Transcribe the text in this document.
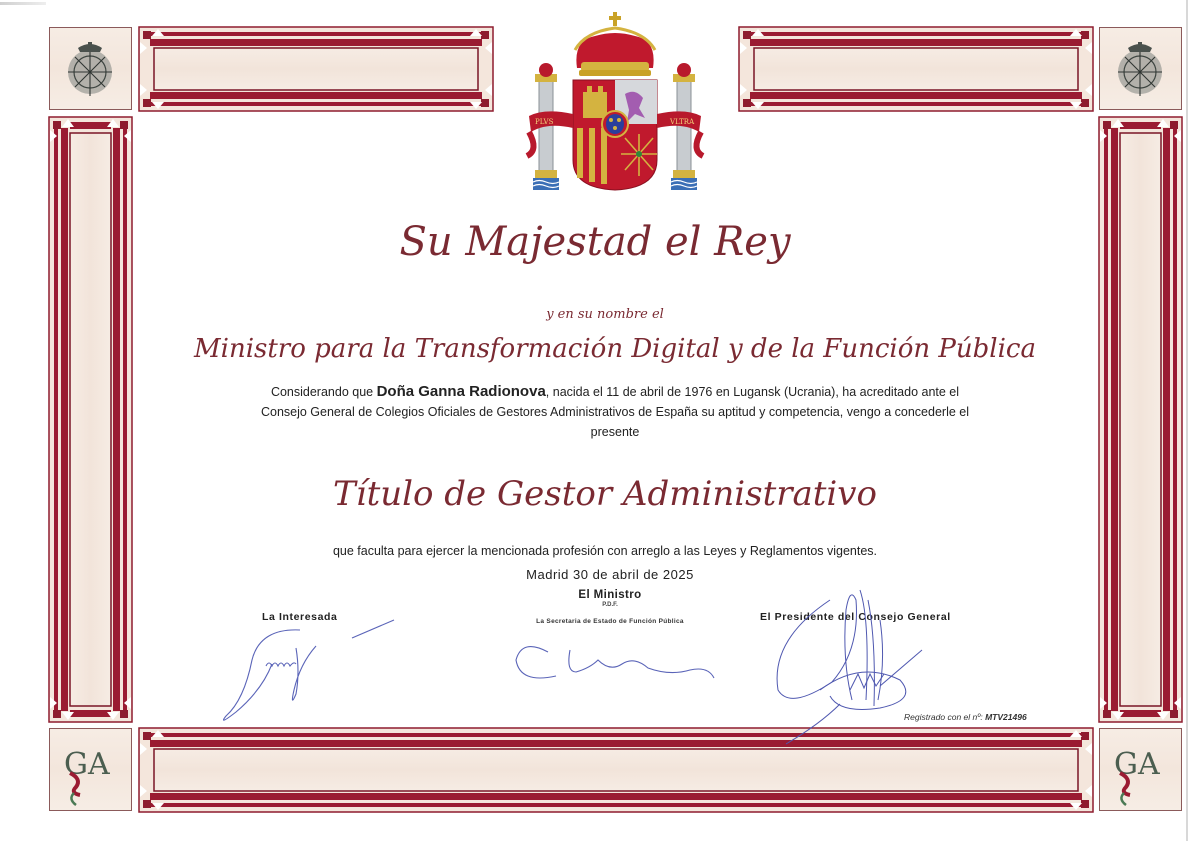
G A	G A
PLVS	VLTRA
Su Majestad el Rey
y en su nombre el
Ministro para la Transformación Digital y de la Función Pública
Considerando que Doña Ganna Radionova, nacida el 11 de abril de 1976 en Lugansk (Ucrania), ha acreditado ante el
Consejo General de Colegios Oficiales de Gestores Administrativos de España su aptitud y competencia, vengo a concederle el
presente
Título de Gestor Administrativo
que faculta para ejercer la mencionada profesión con arreglo a las Leyes y Reglamentos vigentes.
Madrid 30 de abril de 2025
El Ministro
P.D.F.
La Secretaria de Estado de Función Pública
La Interesada	El Presidente del Consejo General
Registrado con el nº: MTV21496
